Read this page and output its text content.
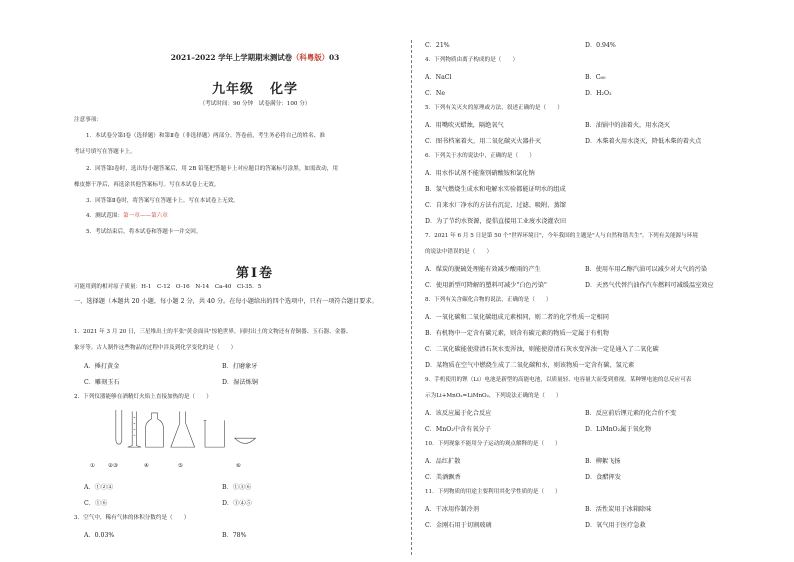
2021–2022 学年上学期期末测试卷（科粤版）03
九年级 化学
（考试时间：90 分钟　试卷满分：100 分）
注意事项：
1．本试卷分第Ⅰ卷（选择题）和第Ⅱ卷（非选择题）两部分。答卷前，考生务必将自己的姓名、准
考证号填写在答题卡上。
2．回答第Ⅰ卷时，选出每小题答案后，用 2B 铅笔把答题卡上对应题目的答案标号涂黑。如需改动，用
橡皮擦干净后，再选涂其他答案标号。写在本试卷上无效。
3．回答第Ⅱ卷时，将答案写在答题卡上。写在本试卷上无效。
4．测试范围：第一章——第六章
5．考试结束后，将本试卷和答题卡一并交回。
第Ⅰ卷
可能用到的相对原子质量：H-1　C-12　O-16　N-14　Ca-40　Cl-35．5
一、选择题（本题共 20 小题，每小题 2 分，共 40 分。在每小题给出的四个选项中，只有一项符合题目要求。
1．2021 年 3 月 20 日，三星堆出土的半张"黄金面具"惊艳世界，同时出土的文物还有青铜器、玉石器、金器、
象牙等。古人制作这些物品的过程中涉及到化学变化的是（　　）
A．捶打黄金	B．打磨象牙
C．雕刻玉石	D．湿法炼铜
2．下列仪器能够在酒精灯火焰上直接加热的是（　　）
① ②③	④	⑤	⑥
A．①②④	B．①③⑥
C．①⑥	D．①④⑤
3．空气中，稀有气体的体积分数约是（　　）
A．0.03%	B．78%
C．21%	D．0.94%
4．下列物质由离子构成的是（　　）
A．NaCl	B．C₆₀
C．Ne	D．H₂O₂
5．下列有关灭火的原理或方法，叙述正确的是（　　）
A．用嘴吹灭蜡烛，隔绝氧气	B．油锅中的油着火，用水浇灭
C．图书档案着火，用二氧化碳灭火器扑灭	D．木柴着火用水浇灭，降低木柴的着火点
6．下列关于水的说法中，正确的是（　　）
A．用水作试剂不能鉴别硝酸铵和氯化钠
B．氢气燃烧生成水和电解水实验都能证明水的组成
C．自来水厂净水的方法有沉淀、过滤、吸附、蒸馏
D．为了节约水资源，提倡直接用工业废水浇灌农田
7．2021 年 6 月 5 日是第 50 个"世界环境日"，今年我国的主题是"人与自然和谐共生"。下列有关能源与环境
的说法中错误的是（　　）
A．煤炭的脱硫处理能有效减少酸雨的产生	B．使用车用乙醇汽油可以减少对大气的污染
C．使用新型可降解的塑料可减少"白色污染"	D．天然气代替汽油作汽车燃料可减缓温室效应
8．下列有关含碳化合物的说法，正确的是（　　）
A．一氧化碳和二氧化碳组成元素相同，则二者的化学性质一定相同
B．有机物中一定含有碳元素，则含有碳元素的物质一定属于有机物
C．二氧化碳能使澄清石灰水变浑浊，则能使澄清石灰水变浑浊一定是通入了二氧化碳
D．某物质在空气中燃烧生成了二氧化碳和水，则该物质一定含有碳、氢元素
9．手机使用的锂（Li）电池是新型的高能电池，以质量轻、电容量大而受到重视。某种锂电池的总反应可表
示为Li+MnO₂=LiMnO₂，下列说法正确的是（　　）
A．该反应属于化合反应	B．反应前后锂元素的化合价不变
C．MnO₂中含有氧分子	D．LiMnO₂属于氧化物
10．下列现象不能用分子运动的观点解释的是（　　）
A．品红扩散	B．柳絮飞扬
C．美酒飘香	D．食醋挥发
11．下列物质的用途主要利用其化学性质的是（　　）
A．干冰用作制冷剂	B．活性炭用于冰箱除味
C．金刚石用于切割玻璃	D．氧气用于医疗急救
